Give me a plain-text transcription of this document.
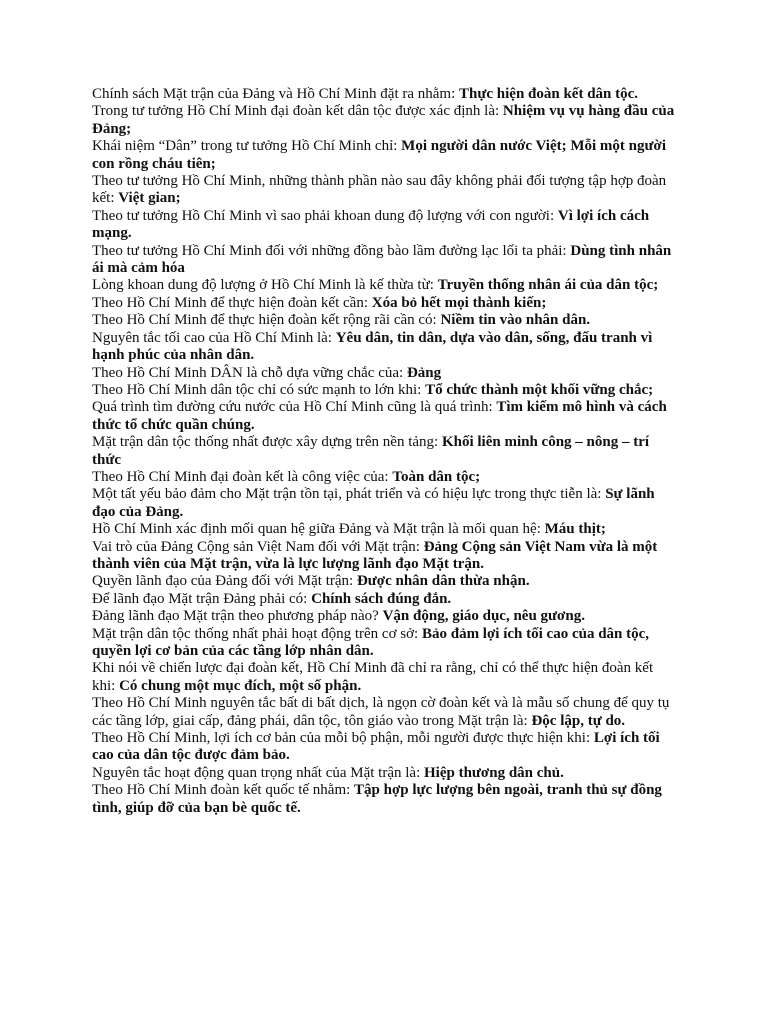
Chính sách Mặt trận của Đảng và Hồ Chí Minh đặt ra nhằm: Thực hiện đoàn kết dân tộc.

Trong tư tưởng Hồ Chí Minh đại đoàn kết dân tộc được xác định là: Nhiệm vụ vụ hàng đầu của Đảng;

Khái niệm “Dân” trong tư tưởng Hồ Chí Minh chỉ: Mọi người dân nước Việt; Mỗi một người con rồng cháu tiên;

Theo tư tưởng Hồ Chí Minh, những thành phần nào sau đây không phải đối tượng tập hợp đoàn kết: Việt gian;

Theo tư tưởng Hồ Chí Minh vì sao phải khoan dung độ lượng với con người: Vì lợi ích cách mạng.

Theo tư tưởng Hồ Chí Minh đối với những đồng bào lầm đường lạc lối ta phải: Dùng tình nhân ái mà cảm hóa

Lòng khoan dung độ lượng ở Hồ Chí Minh là kế thừa từ: Truyền thống nhân ái của dân tộc;

Theo Hồ Chí Minh để thực hiện đoàn kết cần: Xóa bỏ hết mọi thành kiến;

Theo Hồ Chí Minh để thực hiện đoàn kết rộng rãi cần có: Niềm tin vào nhân dân.

Nguyên tắc tối cao của Hồ Chí Minh là: Yêu dân, tin dân, dựa vào dân, sống, đấu tranh vì hạnh phúc của nhân dân.

Theo Hồ Chí Minh DÂN là chỗ dựa vững chắc của: Đảng

Theo Hồ Chí Minh dân tộc chỉ có sức mạnh to lớn khi: Tổ chức thành một khối vững chắc;

Quá trình tìm đường cứu nước của Hồ Chí Minh cũng là quá trình: Tìm kiếm mô hình và cách thức tổ chức quần chúng.

Mặt trận dân tộc thống nhất được xây dựng trên nền tảng: Khối liên minh công – nông – trí thức

Theo Hồ Chí Minh đại đoàn kết là công việc của: Toàn dân tộc;

Một tất yếu bảo đảm cho Mặt trận tồn tại, phát triển và có hiệu lực trong thực tiễn là: Sự lãnh đạo của Đảng.

Hồ Chí Minh xác định mối quan hệ giữa Đảng và Mặt trận là mối quan hệ: Máu thịt;

Vai trò của Đảng Cộng sản Việt Nam đối với Mặt trận: Đảng Cộng sản Việt Nam vừa là một thành viên của Mặt trận, vừa là lực lượng lãnh đạo Mặt trận.

Quyền lãnh đạo của Đảng đối với Mặt trận: Được nhân dân thừa nhận.

Để lãnh đạo Mặt trận Đảng phải có: Chính sách đúng đắn.

Đảng lãnh đạo Mặt trận theo phương pháp nào? Vận động, giáo dục, nêu gương.

Mặt trận dân tộc thống nhất phải hoạt động trên cơ sở: Bảo đảm lợi ích tối cao của dân tộc, quyền lợi cơ bản của các tầng lớp nhân dân.

Khi nói về chiến lược đại đoàn kết, Hồ Chí Minh đã chỉ ra rằng, chỉ có thể thực hiện đoàn kết khi: Có chung một mục đích, một số phận.

Theo Hồ Chí Minh nguyên tắc bất di bất dịch, là ngọn cờ đoàn kết và là mẫu số chung để quy tụ các tầng lớp, giai cấp, đảng phái, dân tộc, tôn giáo vào trong Mặt trận là: Độc lập, tự do.

Theo Hồ Chí Minh, lợi ích cơ bản của mỗi bộ phận, mỗi người được thực hiện khi: Lợi ích tối cao của dân tộc được đảm bảo.

Nguyên tắc hoạt động quan trọng nhất của Mặt trận là: Hiệp thương dân chủ.

Theo Hồ Chí Minh đoàn kết quốc tế nhằm: Tập hợp lực lượng bên ngoài, tranh thủ sự đồng tình, giúp đỡ của bạn bè quốc tế.
